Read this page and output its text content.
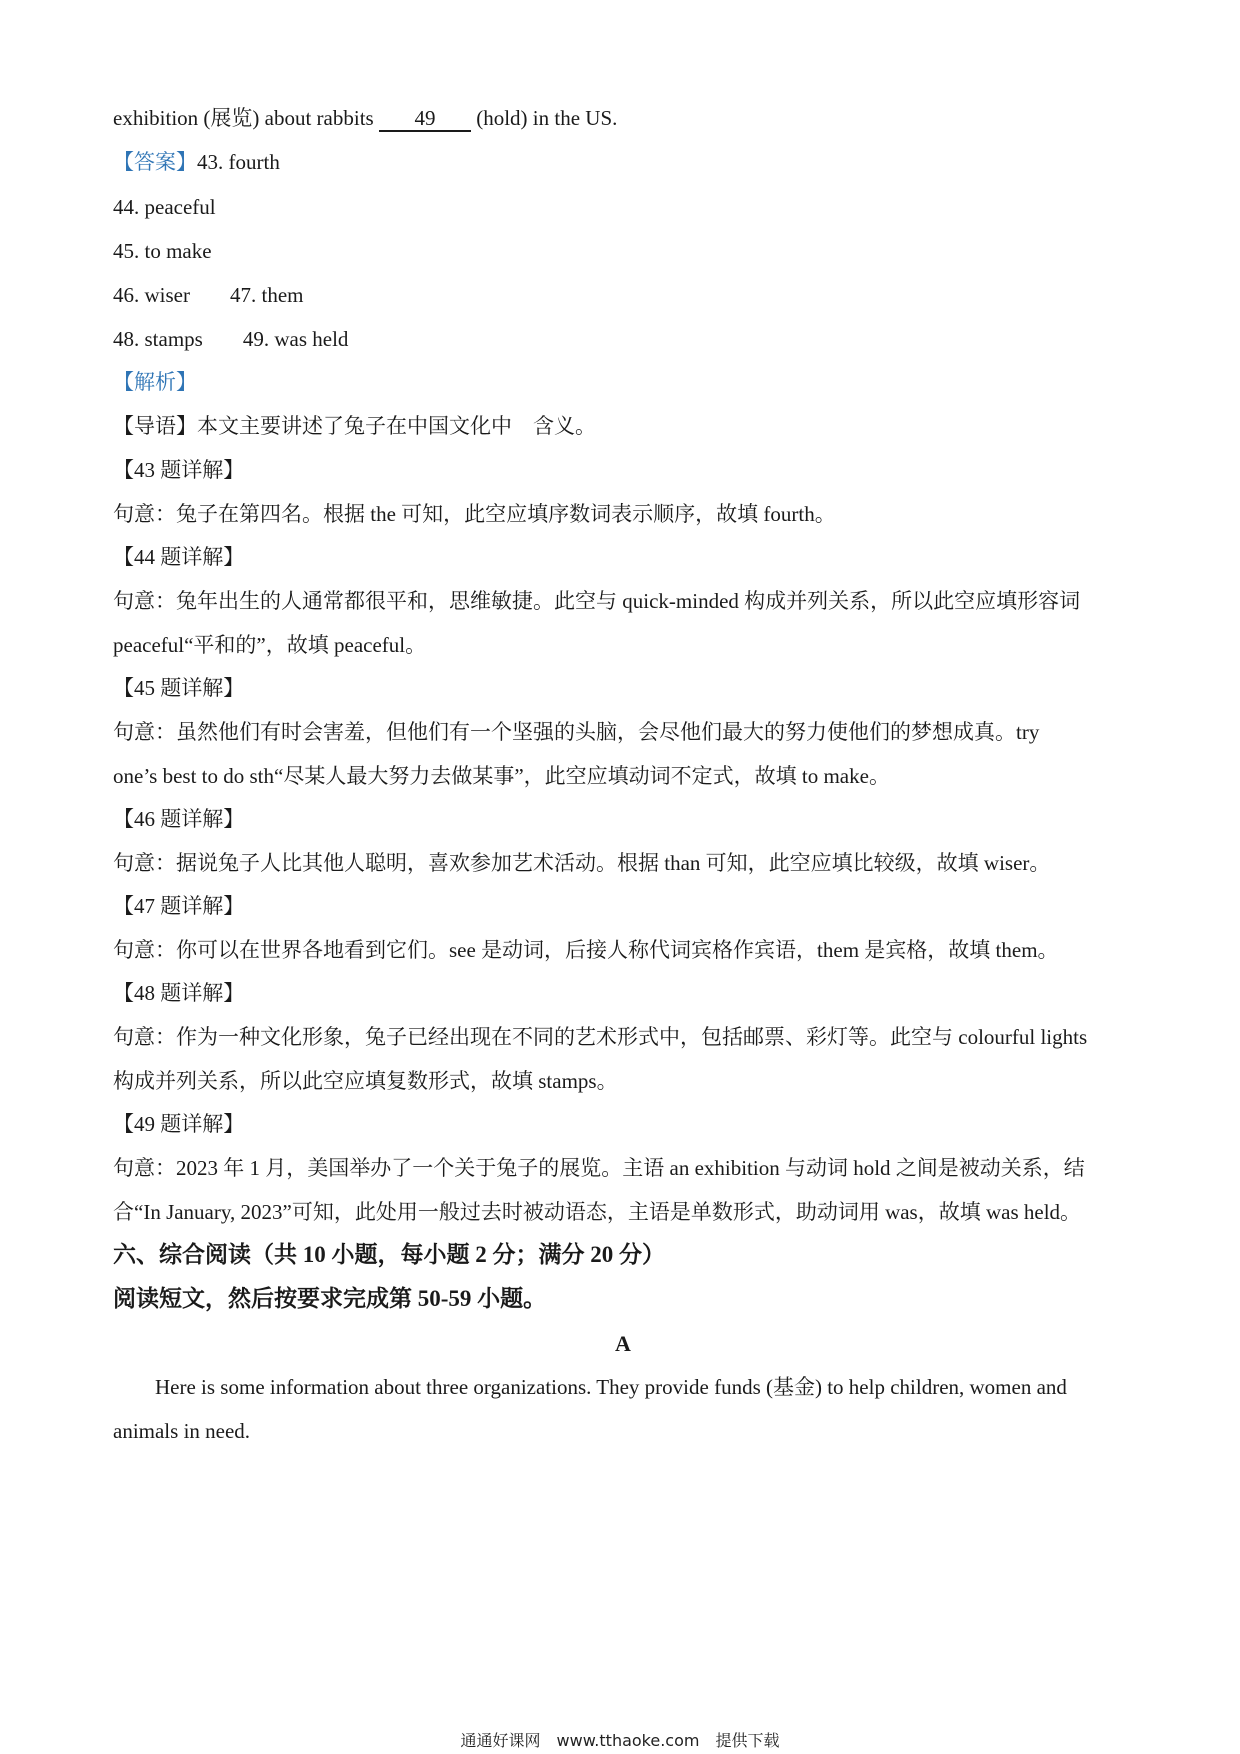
exhibition (展览) about rabbits 49 (hold) in the US.
【答案】43. fourth
44. peaceful
45. to make
46. wiser 47. them
48. stamps 49. was held
【解析】
【导语】本文主要讲述了兔子在中国文化中　含义。
【43 题详解】
句意：兔子在第四名。根据 the 可知，此空应填序数词表示顺序，故填 fourth。
【44 题详解】
句意：兔年出生的人通常都很平和，思维敏捷。此空与 quick-minded 构成并列关系，所以此空应填形容词
peaceful“平和的”，故填 peaceful。
【45 题详解】
句意：虽然他们有时会害羞，但他们有一个坚强的头脑，会尽他们最大的努力使他们的梦想成真。try
one’s best to do sth“尽某人最大努力去做某事”，此空应填动词不定式，故填 to make。
【46 题详解】
句意：据说兔子人比其他人聪明，喜欢参加艺术活动。根据 than 可知，此空应填比较级，故填 wiser。
【47 题详解】
句意：你可以在世界各地看到它们。see 是动词，后接人称代词宾格作宾语，them 是宾格，故填 them。
【48 题详解】
句意：作为一种文化形象，兔子已经出现在不同的艺术形式中，包括邮票、彩灯等。此空与 colourful lights
构成并列关系，所以此空应填复数形式，故填 stamps。
【49 题详解】
句意：2023 年 1 月，美国举办了一个关于兔子的展览。主语 an exhibition 与动词 hold 之间是被动关系，结
合“In January, 2023”可知，此处用一般过去时被动语态，主语是单数形式，助动词用 was，故填 was held。
六、综合阅读（共 10 小题，每小题 2 分；满分 20 分）
阅读短文，然后按要求完成第 50-59 小题。
A
Here is some information about three organizations. They provide funds (基金) to help children, women and
animals in need.
通通好课网　www.tthaoke.com　提供下载
